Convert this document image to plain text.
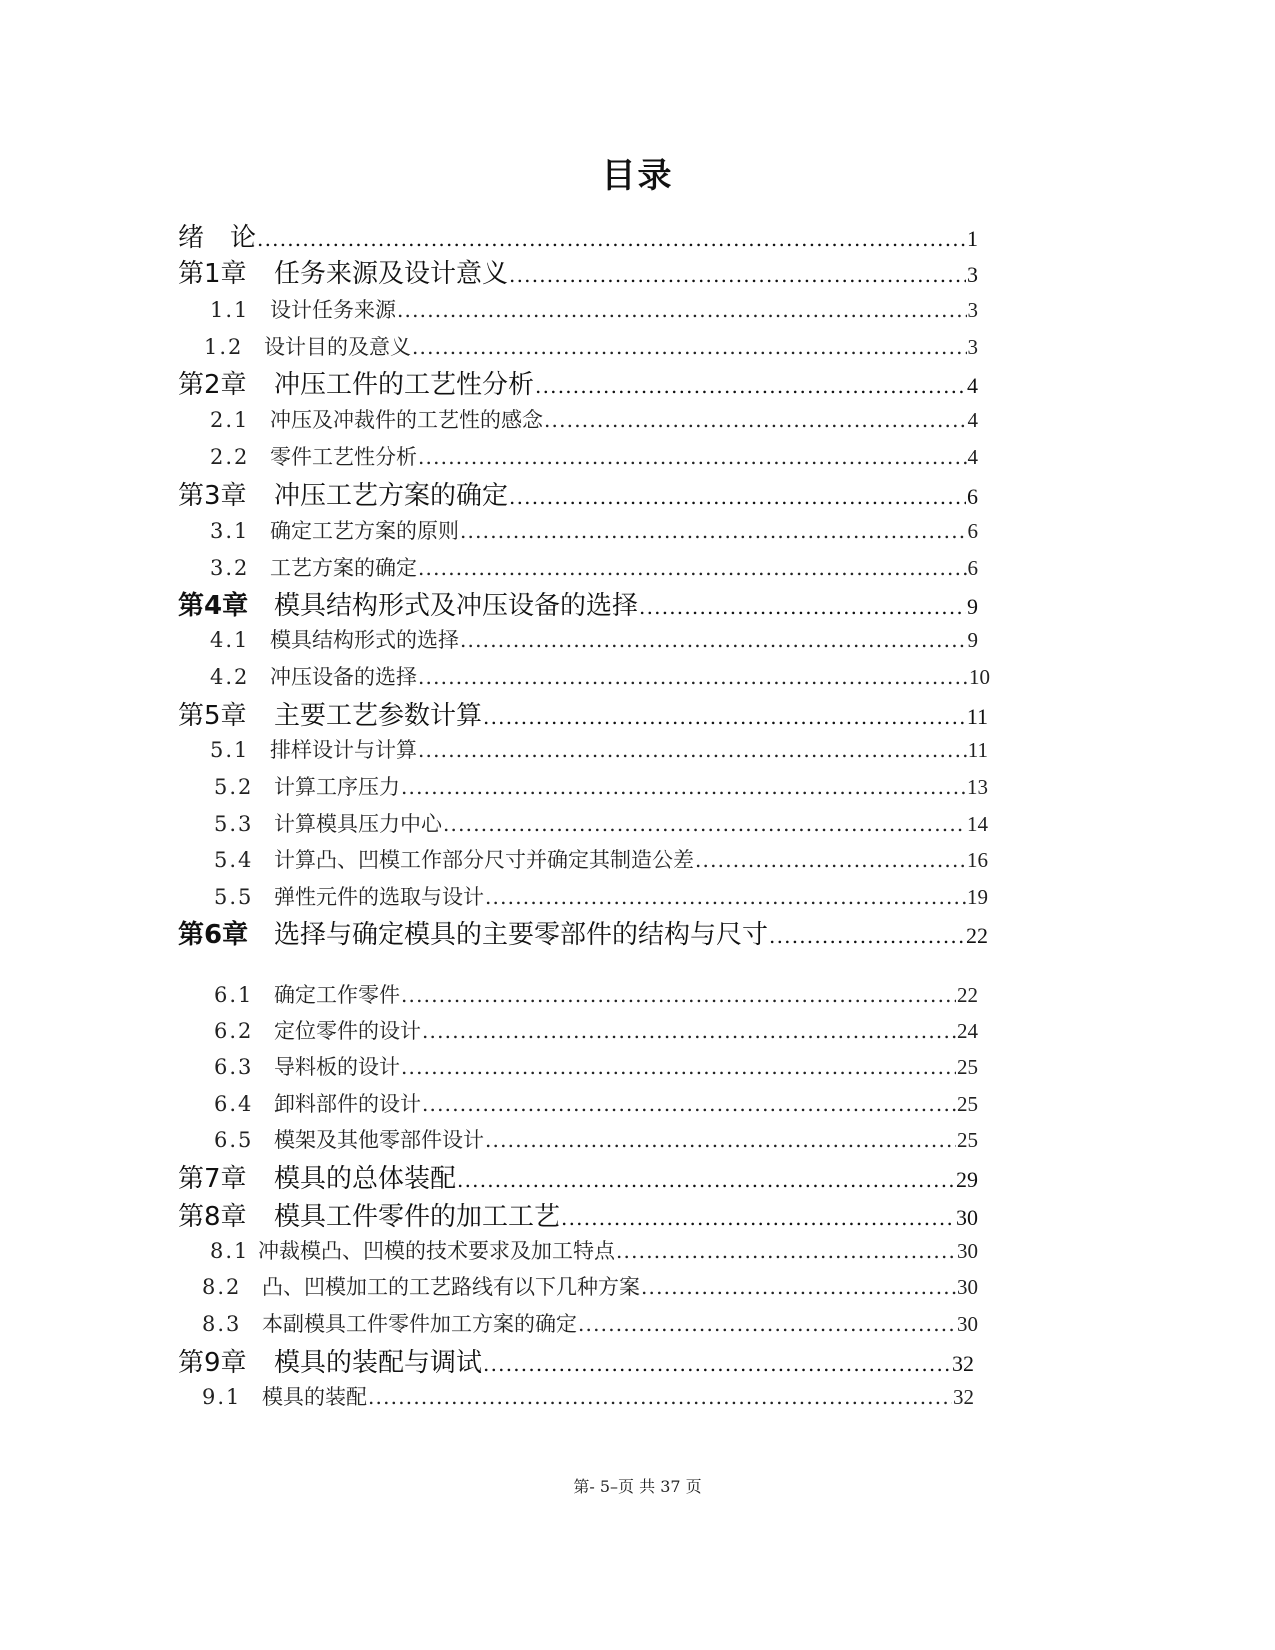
目录
绪　论 .....	1
第1章	任务来源及设计意义 .....	3
1.1 设计任务来源 .....	3
1.2 设计目的及意义 .....	3
第2章	冲压工件的工艺性分析 .....	4
2.1 冲压及冲裁件的工艺性的感念 .....	4
2.2 零件工艺性分析 .....	4
第3章	冲压工艺方案的确定 .....	6
3.1 确定工艺方案的原则 .....	6
3.2 工艺方案的确定 .....	6
第4章 模具结构形式及冲压设备的选择 .....	9
4.1 模具结构形式的选择 .....	9
4.2 冲压设备的选择 .....	10
第5章	主要工艺参数计算 .....	11
5.1 排样设计与计算 .....	11
5.2 计算工序压力 .....	13
5.3 计算模具压力中心 .....	14
5.4 计算凸、凹模工作部分尺寸并确定其制造公差 .....	16
5.5 弹性元件的选取与设计 .....	19
第6章 选择与确定模具的主要零部件的结构与尺寸 .....	22
6.1 确定工作零件 .....	22
6.2 定位零件的设计 .....	24
6.3 导料板的设计 .....	25
6.4 卸料部件的设计 .....	25
6.5 模架及其他零部件设计 .....	25
第7章	模具的总体装配 .....	29
第8章	模具工件零件的加工工艺 .....	30
8.1 冲裁模凸、凹模的技术要求及加工特点 .....	30
8.2 凸、凹模加工的工艺路线有以下几种方案 .....	30
8.3 本副模具工件零件加工方案的确定 .....	30
第9章	模具的装配与调试 .....	32
9.1 模具的装配 .....	32
第- 5–页 共 37 页
